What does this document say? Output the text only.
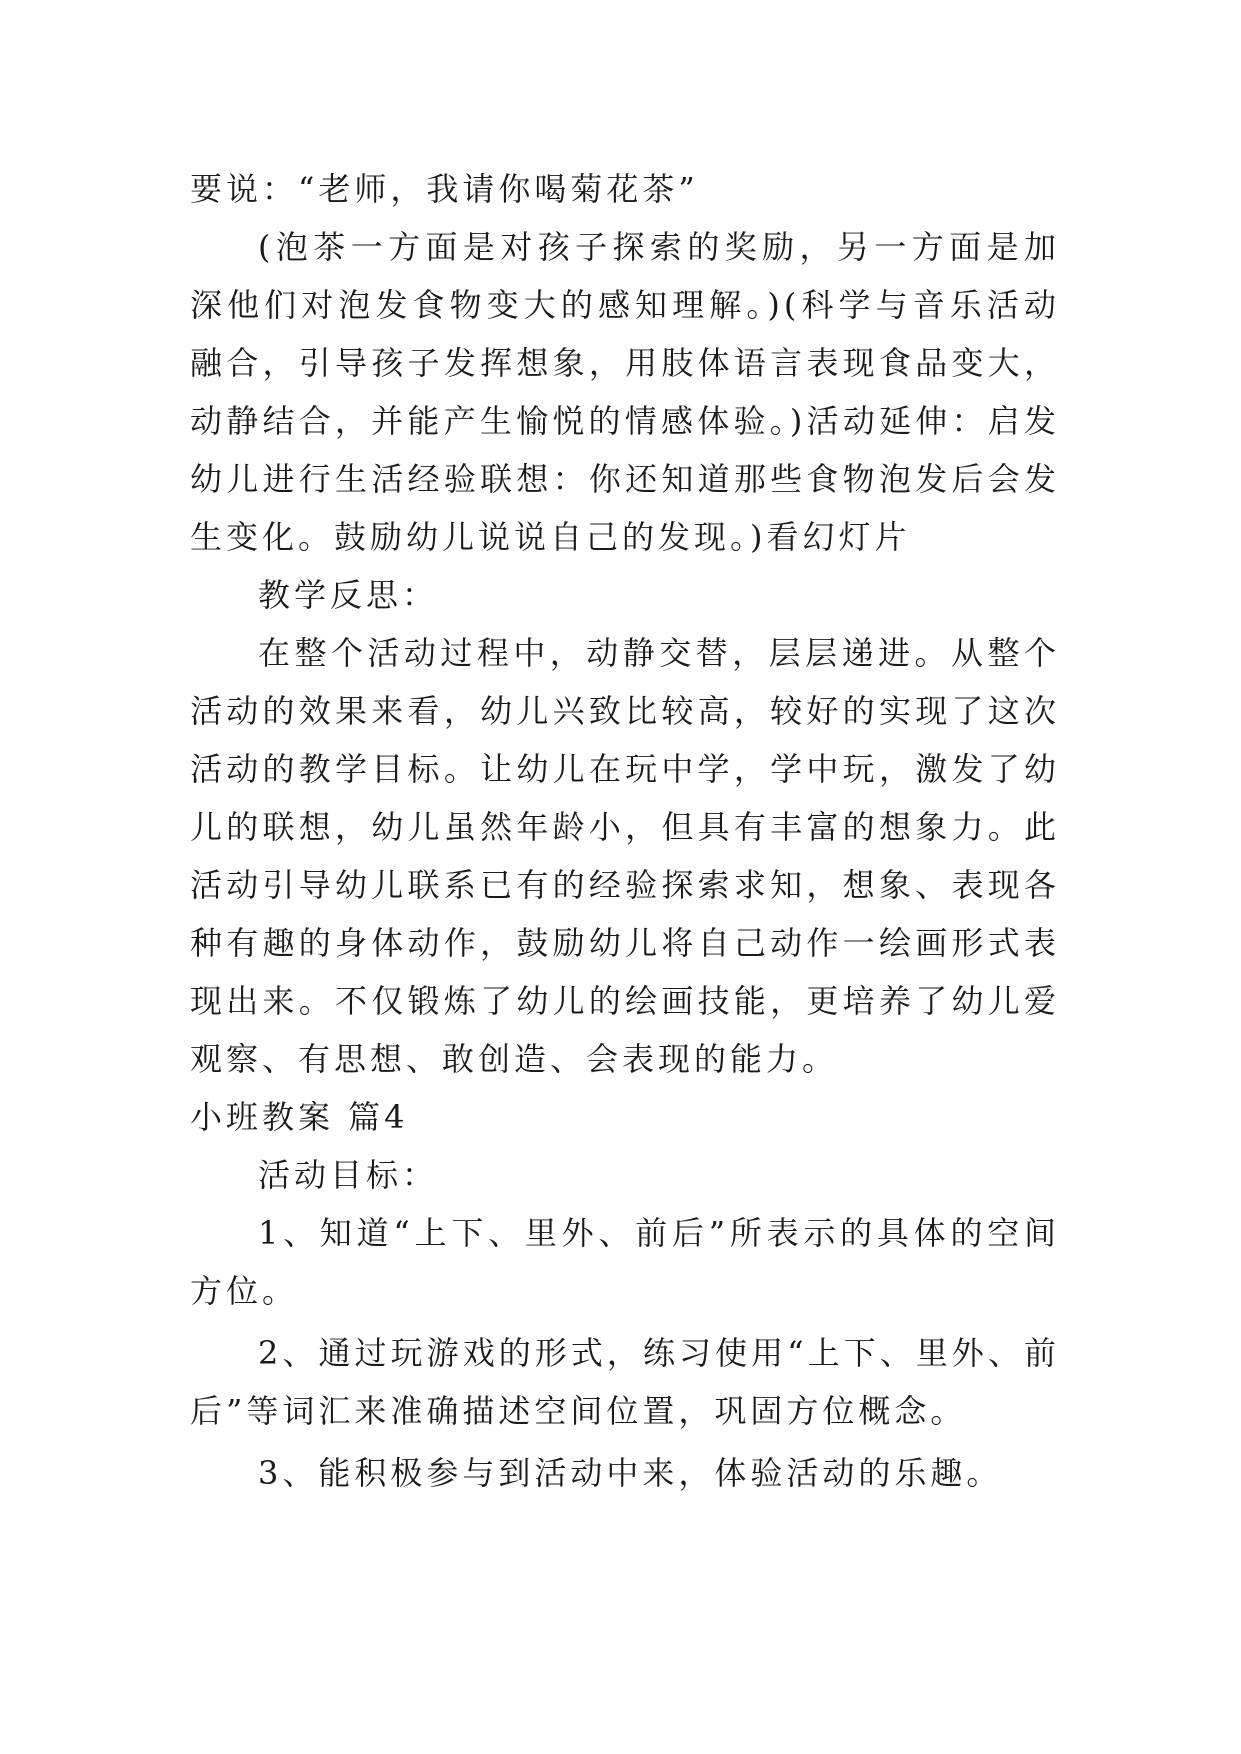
要说：“老师，我请你喝菊花茶”

(泡茶一方面是对孩子探索的奖励，另一方面是加深他们对泡发食物变大的感知理解。)(科学与音乐活动融合，引导孩子发挥想象，用肢体语言表现食品变大，动静结合，并能产生愉悦的情感体验。)活动延伸：启发幼儿进行生活经验联想：你还知道那些食物泡发后会发生变化。鼓励幼儿说说自己的发现。)看幻灯片

教学反思：

在整个活动过程中，动静交替，层层递进。从整个活动的效果来看，幼儿兴致比较高，较好的实现了这次活动的教学目标。让幼儿在玩中学，学中玩，激发了幼儿的联想，幼儿虽然年龄小，但具有丰富的想象力。此活动引导幼儿联系已有的经验探索求知，想象、表现各种有趣的身体动作，鼓励幼儿将自己动作一绘画形式表现出来。不仅锻炼了幼儿的绘画技能，更培养了幼儿爱观察、有思想、敢创造、会表现的能力。

小班教案 篇4

活动目标：

1、知道“上下、里外、前后”所表示的具体的空间方位。

2、通过玩游戏的形式，练习使用“上下、里外、前后”等词汇来准确描述空间位置，巩固方位概念。

3、能积极参与到活动中来，体验活动的乐趣。
